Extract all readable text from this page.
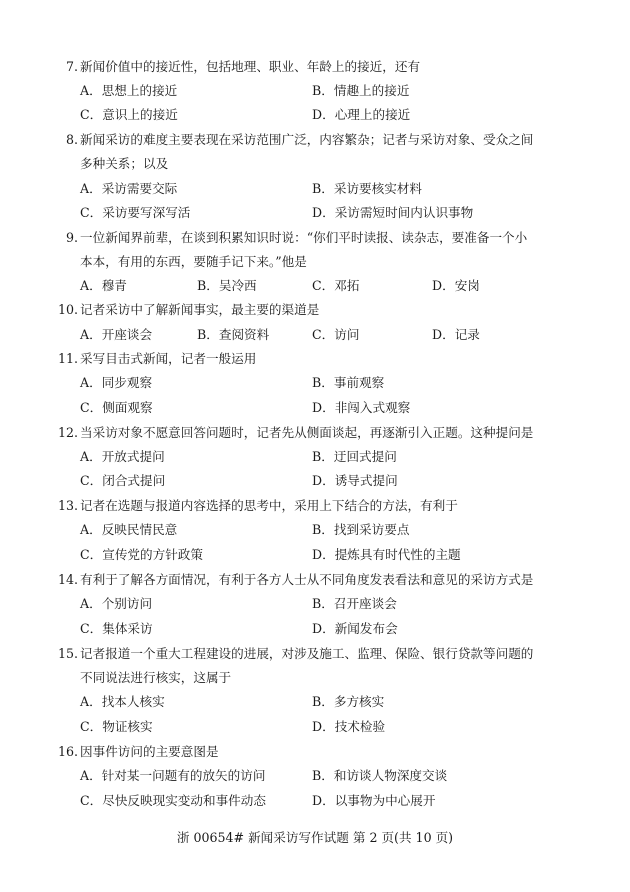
7. 新闻价值中的接近性，包括地理、职业、年龄上的接近，还有
A．思想上的接近	B．情趣上的接近
C．意识上的接近	D．心理上的接近
8. 新闻采访的难度主要表现在采访范围广泛，内容繁杂；记者与采访对象、受众之间
多种关系；以及
A．采访需要交际	B．采访要核实材料
C．采访要写深写活	D．采访需短时间内认识事物
9. 一位新闻界前辈，在谈到积累知识时说：“你们平时读报、读杂志，要准备一个小
本本，有用的东西，要随手记下来。”他是
A．穆青	B．吴冷西	C．邓拓	D．安岗
10. 记者采访中了解新闻事实，最主要的渠道是
A．开座谈会	B．查阅资料	C．访问	D．记录
11. 采写目击式新闻，记者一般运用
A．同步观察	B．事前观察
C．侧面观察	D．非闯入式观察
12. 当采访对象不愿意回答问题时，记者先从侧面谈起，再逐渐引入正题。这种提问是
A．开放式提问	B．迂回式提问
C．闭合式提问	D．诱导式提问
13. 记者在选题与报道内容选择的思考中，采用上下结合的方法，有利于
A．反映民情民意	B．找到采访要点
C．宣传党的方针政策	D．提炼具有时代性的主题
14. 有利于了解各方面情况，有利于各方人士从不同角度发表看法和意见的采访方式是
A．个别访问	B．召开座谈会
C．集体采访	D．新闻发布会
15. 记者报道一个重大工程建设的进展，对涉及施工、监理、保险、银行贷款等问题的
不同说法进行核实，这属于
A．找本人核实	B．多方核实
C．物证核实	D．技术检验
16. 因事件访问的主要意图是
A．针对某一问题有的放矢的访问	B．和访谈人物深度交谈
C．尽快反映现实变动和事件动态	D．以事物为中心展开
浙 00654# 新闻采访写作试题 第 2 页(共 10 页)
